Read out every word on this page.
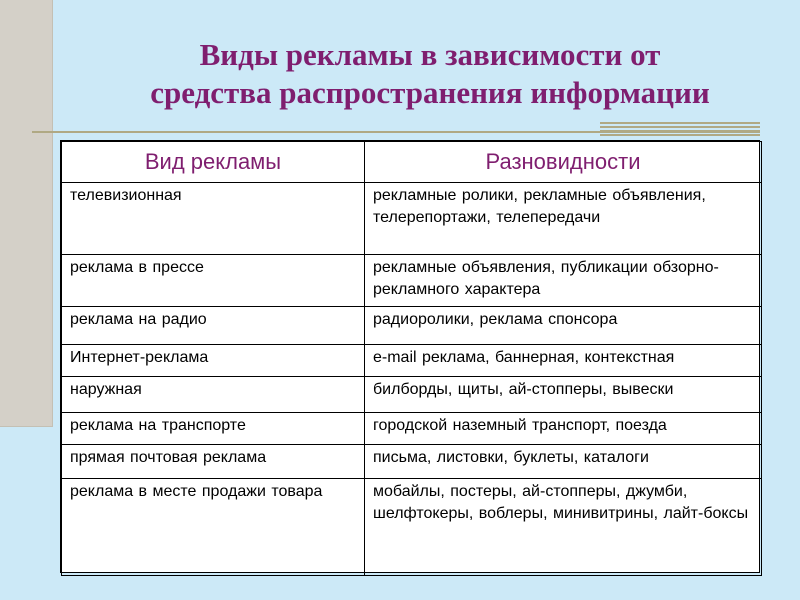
Виды рекламы в зависимости от
средства распространения информации
Вид рекламы	Разновидности
телевизионная	рекламные ролики, рекламные объявления, телерепортажи, телепередачи
реклама в прессе	рекламные объявления, публикации обзорно-рекламного характера
реклама на радио	радиоролики, реклама спонсора
Интернет-реклама	e-mail реклама, баннерная, контекстная
наружная	билборды, щиты, ай-стопперы, вывески
реклама на транспорте	городской наземный транспорт, поезда
прямая почтовая реклама	письма, листовки, буклеты, каталоги
реклама в месте продажи товара	мобайлы, постеры, ай-стопперы, джумби, шелфтокеры, воблеры, минивитрины, лайт-боксы
